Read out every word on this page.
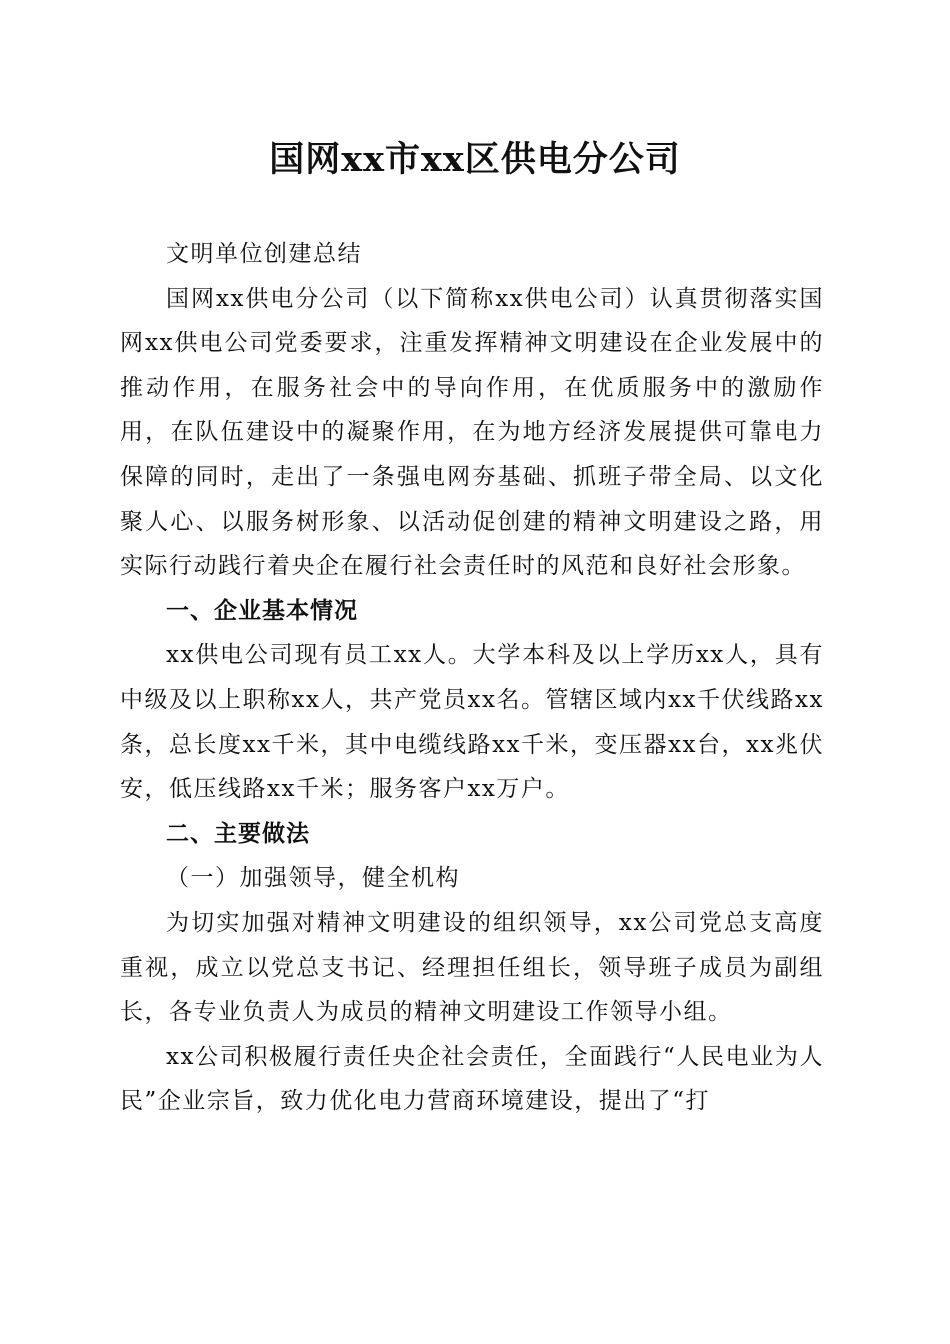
国网xx市xx区供电分公司

文明单位创建总结

国网xx供电分公司（以下简称xx供电公司）认真贯彻落实国网xx供电公司党委要求，注重发挥精神文明建设在企业发展中的推动作用，在服务社会中的导向作用，在优质服务中的激励作用，在队伍建设中的凝聚作用，在为地方经济发展提供可靠电力保障的同时，走出了一条强电网夯基础、抓班子带全局、以文化聚人心、以服务树形象、以活动促创建的精神文明建设之路，用实际行动践行着央企在履行社会责任时的风范和良好社会形象。

一、企业基本情况

xx供电公司现有员工xx人。大学本科及以上学历xx人，具有中级及以上职称xx人，共产党员xx名。管辖区域内xx千伏线路xx条，总长度xx千米，其中电缆线路xx千米，变压器xx台，xx兆伏安，低压线路xx千米；服务客户xx万户。

二、主要做法

（一）加强领导，健全机构

为切实加强对精神文明建设的组织领导，xx公司党总支高度重视，成立以党总支书记、经理担任组长，领导班子成员为副组长，各专业负责人为成员的精神文明建设工作领导小组。

xx公司积极履行责任央企社会责任，全面践行“人民电业为人民”企业宗旨，致力优化电力营商环境建设，提出了“打
